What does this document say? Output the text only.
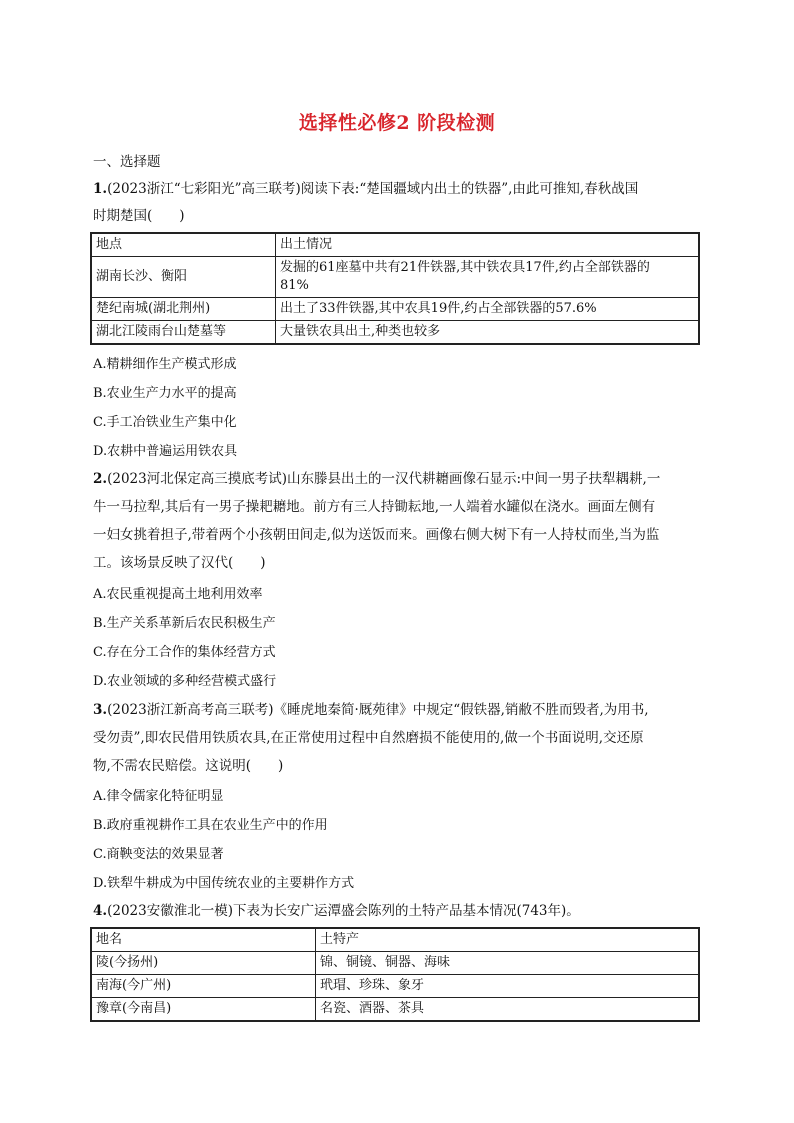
选择性必修2 阶段检测
一、选择题
1.(2023浙江“七彩阳光”高三联考)阅读下表:“楚国疆域内出土的铁器”,由此可推知,春秋战国
时期楚国(　　)
地点	出土情况
湖南长沙、衡阳	发掘的61座墓中共有21件铁器,其中铁农具17件,约占全部铁器的
81%

楚纪南城(湖北荆州)	出土了33件铁器,其中农具19件,约占全部铁器的57.6%
湖北江陵雨台山楚墓等	大量铁农具出土,种类也较多
A.精耕细作生产模式形成
B.农业生产力水平的提高
C.手工冶铁业生产集中化
D.农耕中普遍运用铁农具
2.(2023河北保定高三摸底考试)山东滕县出土的一汉代耕耱画像石显示:中间一男子扶犁耦耕,一
牛一马拉犁,其后有一男子操耙耱地。前方有三人持锄耘地,一人端着水罐似在浇水。画面左侧有
一妇女挑着担子,带着两个小孩朝田间走,似为送饭而来。画像右侧大树下有一人持杖而坐,当为监
工。该场景反映了汉代(　　)
A.农民重视提高土地利用效率
B.生产关系革新后农民积极生产
C.存在分工合作的集体经营方式
D.农业领域的多种经营模式盛行
3.(2023浙江新高考高三联考)《睡虎地秦简·厩苑律》中规定“假铁器,销敝不胜而毁者,为用书,
受勿责”,即农民借用铁质农具,在正常使用过程中自然磨损不能使用的,做一个书面说明,交还原
物,不需农民赔偿。这说明(　　)
A.律令儒家化特征明显
B.政府重视耕作工具在农业生产中的作用
C.商鞅变法的效果显著
D.铁犁牛耕成为中国传统农业的主要耕作方式
4.(2023安徽淮北一模)下表为长安广运潭盛会陈列的土特产品基本情况(743年)。
地名	土特产
陵(今扬州)	锦、铜镜、铜器、海味
南海(今广州)	玳瑁、珍珠、象牙
豫章(今南昌)	名瓷、酒器、茶具
